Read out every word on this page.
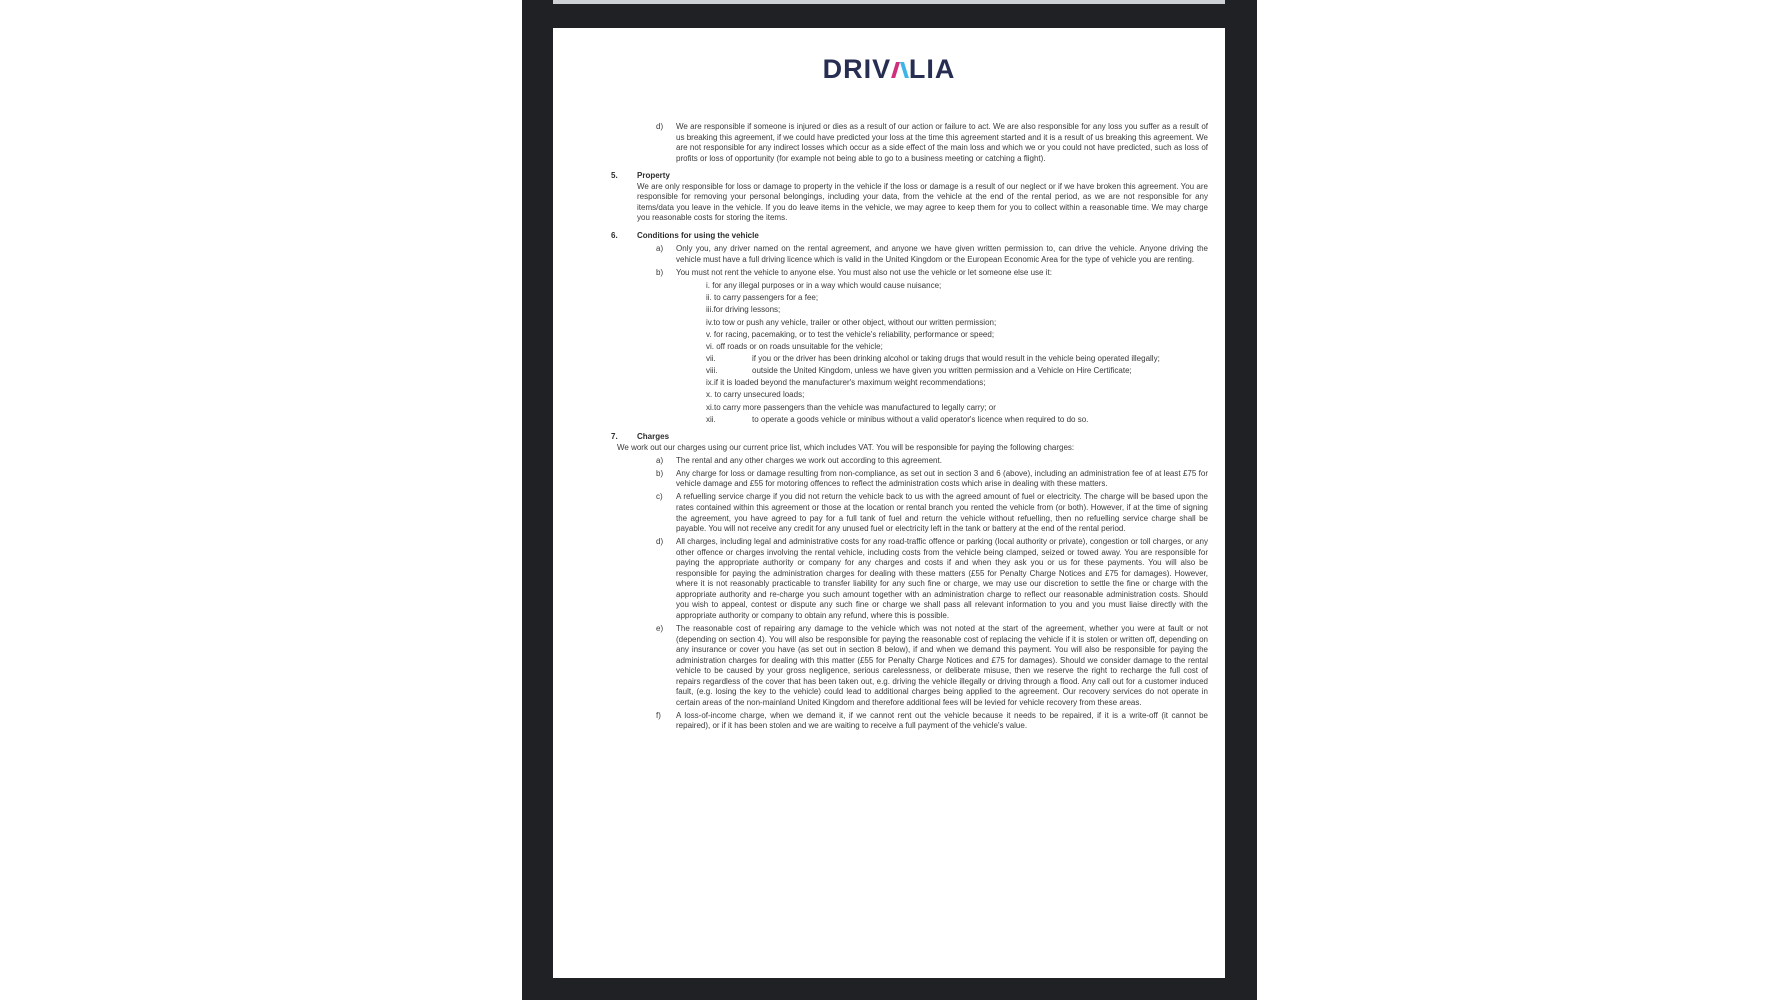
DRIV LIA
d)	We are responsible if someone is injured or dies as a result of our action or failure to act. We are also responsible for any loss you suffer as a result of us breaking this agreement, if we could have predicted your loss at the time this agreement started and it is a result of us breaking this agreement. We are not responsible for any indirect losses which occur as a side effect of the main loss and which we or you could not have predicted, such as loss of profits or loss of opportunity (for example not being able to go to a business meeting or catching a flight).
5.	Property
We are only responsible for loss or damage to property in the vehicle if the loss or damage is a result of our neglect or if we have broken this agreement. You are responsible for removing your personal belongings, including your data, from the vehicle at the end of the rental period, as we are not responsible for any items/data you leave in the vehicle. If you do leave items in the vehicle, we may agree to keep them for you to collect within a reasonable time. We may charge you reasonable costs for storing the items.
6.	Conditions for using the vehicle
a)	Only you, any driver named on the rental agreement, and anyone we have given written permission to, can drive the vehicle. Anyone driving the vehicle must have a full driving licence which is valid in the United Kingdom or the European Economic Area for the type of vehicle you are renting.
b)	You must not rent the vehicle to anyone else. You must also not use the vehicle or let someone else use it:
i. for any illegal purposes or in a way which would cause nuisance;
ii. to carry passengers for a fee;
iii.for driving lessons;
iv.to tow or push any vehicle, trailer or other object, without our written permission;
v. for racing, pacemaking, or to test the vehicle's reliability, performance or speed;
vi. off roads or on roads unsuitable for the vehicle;
vii.	if you or the driver has been drinking alcohol or taking drugs that would result in the vehicle being operated illegally;
viii.	outside the United Kingdom, unless we have given you written permission and a Vehicle on Hire Certificate;
ix.if it is loaded beyond the manufacturer's maximum weight recommendations;
x. to carry unsecured loads;
xi.to carry more passengers than the vehicle was manufactured to legally carry; or
xii.	to operate a goods vehicle or minibus without a valid operator's licence when required to do so.
7.	Charges
We work out our charges using our current price list, which includes VAT. You will be responsible for paying the following charges:
a)	The rental and any other charges we work out according to this agreement.
b)	Any charge for loss or damage resulting from non-compliance, as set out in section 3 and 6 (above), including an administration fee of at least £75 for vehicle damage and £55 for motoring offences to reflect the administration costs which arise in dealing with these matters.
c)	A refuelling service charge if you did not return the vehicle back to us with the agreed amount of fuel or electricity. The charge will be based upon the rates contained within this agreement or those at the location or rental branch you rented the vehicle from (or both). However, if at the time of signing the agreement, you have agreed to pay for a full tank of fuel and return the vehicle without refuelling, then no refuelling service charge shall be payable. You will not receive any credit for any unused fuel or electricity left in the tank or battery at the end of the rental period.
d)	All charges, including legal and administrative costs for any road-traffic offence or parking (local authority or private), congestion or toll charges, or any other offence or charges involving the rental vehicle, including costs from the vehicle being clamped, seized or towed away. You are responsible for paying the appropriate authority or company for any charges and costs if and when they ask you or us for these payments. You will also be responsible for paying the administration charges for dealing with these matters (£55 for Penalty Charge Notices and £75 for damages). However, where it is not reasonably practicable to transfer liability for any such fine or charge, we may use our discretion to settle the fine or charge with the appropriate authority and re-charge you such amount together with an administration charge to reflect our reasonable administration costs. Should you wish to appeal, contest or dispute any such fine or charge we shall pass all relevant information to you and you must liaise directly with the appropriate authority or company to obtain any refund, where this is possible.
e)	The reasonable cost of repairing any damage to the vehicle which was not noted at the start of the agreement, whether you were at fault or not (depending on section 4). You will also be responsible for paying the reasonable cost of replacing the vehicle if it is stolen or written off, depending on any insurance or cover you have (as set out in section 8 below), if and when we demand this payment. You will also be responsible for paying the administration charges for dealing with this matter (£55 for Penalty Charge Notices and £75 for damages). Should we consider damage to the rental vehicle to be caused by your gross negligence, serious carelessness, or deliberate misuse, then we reserve the right to recharge the full cost of repairs regardless of the cover that has been taken out, e.g. driving the vehicle illegally or driving through a flood. Any call out for a customer induced fault, (e.g. losing the key to the vehicle) could lead to additional charges being applied to the agreement. Our recovery services do not operate in certain areas of the non-mainland United Kingdom and therefore additional fees will be levied for vehicle recovery from these areas.
f)	A loss-of-income charge, when we demand it, if we cannot rent out the vehicle because it needs to be repaired, if it is a write-off (it cannot be repaired), or if it has been stolen and we are waiting to receive a full payment of the vehicle's value.
